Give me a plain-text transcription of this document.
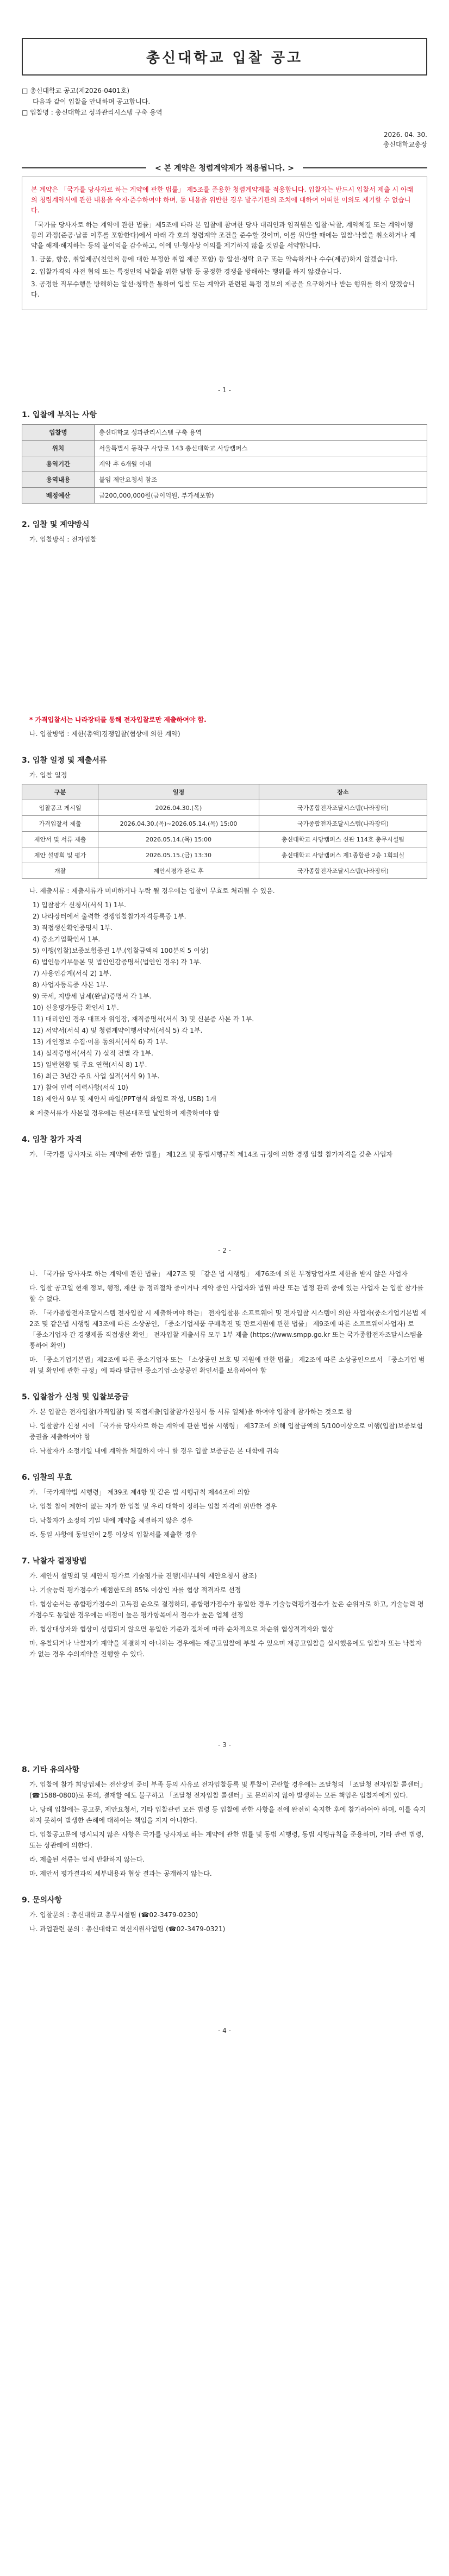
총신대학교 입찰 공고
□ 총신대학교 공고(제2026-0401호)
다음과 같이 입찰을 안내하며 공고합니다.
□ 입찰명 : 총신대학교 성과관리시스템 구축 용역
2026. 04. 30.
총신대학교총장
< 본 계약은 청렴계약제가 적용됩니다. >
본 계약은 「국가를 당사자로 하는 계약에 관한 법률」 제5조를 준용한 청렴계약제를 적용합니다. 입찰자는 반드시 입찰서 제출 시 아래의 청렴계약서에 관한 내용을 숙지·준수하여야 하며, 동 내용을 위반한 경우 발주기관의 조치에 대하여 어떠한 이의도 제기할 수 없습니다.
「국가를 당사자로 하는 계약에 관한 법률」제5조에 따라 본 입찰에 참여한 당사 대리인과 임직원은 입찰·낙찰, 계약체결 또는 계약이행 등의 과정(준공·납품 이후를 포함한다)에서 아래 각 호의 청렴계약 조건을 준수할 것이며, 이를 위반할 때에는 입찰·낙찰을 취소하거나 계약을 해제·해지하는 등의 불이익을 감수하고, 이에 민·형사상 이의를 제기하지 않을 것임을 서약합니다.
1. 금품, 향응, 취업제공(친인척 등에 대한 부정한 취업 제공 포함) 등 알선·청탁 요구 또는 약속하거나 수수(제공)하지 않겠습니다.
2. 입찰가격의 사전 협의 또는 특정인의 낙찰을 위한 담합 등 공정한 경쟁을 방해하는 행위를 하지 않겠습니다.
3. 공정한 직무수행을 방해하는 알선·청탁을 통하여 입찰 또는 계약과 관련된 특정 정보의 제공을 요구하거나 받는 행위를 하지 않겠습니다.
- 1 -
1. 입찰에 부치는 사항
입찰명	총신대학교 성과관리시스템 구축 용역
위치	서울특별시 동작구 사당로 143 총신대학교 사당캠퍼스
용역기간	계약 후 6개월 이내
용역내용	붙임 제안요청서 참조
배정예산	금200,000,000원(금이억원, 부가세포함)
2. 입찰 및 계약방식
가. 입찰방식 : 전자입찰
* 가격입찰서는 나라장터를 통해 전자입찰로만 제출하여야 함.
나. 입찰방법 : 제한(총액)경쟁입찰(협상에 의한 계약)
3. 입찰 일정 및 제출서류
가. 입찰 일정
구분	일정	장소
입찰공고 게시일	2026.04.30.(목)	국가종합전자조달시스템(나라장터)
가격입찰서 제출	2026.04.30.(목)~2026.05.14.(목) 15:00	국가종합전자조달시스템(나라장터)
제안서 및 서류 제출	2026.05.14.(목) 15:00	총신대학교 사당캠퍼스 신관 114호 총무시설팀
제안 설명회 및 평가	2026.05.15.(금) 13:30	총신대학교 사당캠퍼스 제1종합관 2층 1회의실
개찰	제안서평가 완료 후	국가종합전자조달시스템(나라장터)
나. 제출서류 : 제출서류가 미비하거나 누락 될 경우에는 입찰이 무효로 처리될 수 있음.
1) 입찰참가 신청서(서식 1) 1부.
2) 나라장터에서 출력한 경쟁입찰참가자격등록증 1부.
3) 직접생산확인증명서 1부.
4) 중소기업확인서 1부.
5) 이행(입찰)보증보험증권 1부.(입찰금액의 100분의 5 이상)
6) 법인등기부등본 및 법인인감증명서(법인인 경우) 각 1부.
7) 사용인감계(서식 2) 1부.
8) 사업자등록증 사본 1부.
9) 국세, 지방세 납세(완납)증명서 각 1부.
10) 신용평가등급 확인서 1부.
11) 대리인인 경우 대표자 위임장, 재직증명서(서식 3) 및 신분증 사본 각 1부.
12) 서약서(서식 4) 및 청렴계약이행서약서(서식 5) 각 1부.
13) 개인정보 수집·이용 동의서(서식 6) 각 1부.
14) 실적증명서(서식 7) 실적 건별 각 1부.
15) 일반현황 및 주요 연혁(서식 8) 1부.
16) 최근 3년간 주요 사업 실적(서식 9) 1부.
17) 참여 인력 이력사항(서식 10)
18) 제안서 9부 및 제안서 파일(PPT형식 화일로 작성, USB) 1개
※ 제출서류가 사본일 경우에는 원본대조필 날인하여 제출하여야 함
4. 입찰 참가 자격

가. 「국가를 당사자로 하는 계약에 관한 법률」 제12조 및 동법시행규칙 제14조 규정에 의한 경쟁 입찰 참가자격을 갖춘 사업자

- 2 -

나. 「국가를 당사자로 하는 계약에 관한 법률」 제27조 및 「같은 법 시행령」 제76조에 의한 부정당업자로 제한을 받지 않은 사업자

다. 입찰 공고일 현재 정보, 행정, 재산 등 정리절차 중이거나 계약 중인 사업자와 법원 파산 또는 법정 관리 중에 있는 사업자 는 입찰 참가를 할 수 없다.

라. 「국가종합전자조달시스템 전자입찰 시 제출하여야 하는」 전자입찰용 소프트웨어 및 전자입찰 시스템에 의한 사업자(중소기업기본법 제2조 및 같은법 시행령 제3조에 따른 소상공인, 「중소기업제품 구매촉진 및 판로지원에 관한 법률」 제9조에 따른 소프트웨어사업자) 로 「중소기업자 간 경쟁제품 직접생산 확인」 전자입찰 제출서류 모두 1부 제출 (https://www.smpp.go.kr 또는 국가종합전자조달시스템을 통하여 확인)

마. 「중소기업기본법」제2조에 따른 중소기업자 또는 「소상공인 보호 및 지원에 관한 법률」 제2조에 따른 소상공인으로서 「중소기업 범위 및 확인에 관한 규정」에 따라 발급된 중소기업·소상공인 확인서를 보유하여야 함

5. 입찰참가 신청 및 입찰보증금

가. 본 입찰은 전자입찰(가격입찰) 및 직접제출(입찰참가신청서 등 서류 일체)을 하여야 입찰에 참가하는 것으로 함

나. 입찰참가 신청 시에 「국가를 당사자로 하는 계약에 관한 법률 시행령」 제37조에 의해 입찰금액의 5/100이상으로 이행(입찰)보증보험증권을 제출하여야 함

다. 낙찰자가 소정기일 내에 계약을 체결하지 아니 할 경우 입찰 보증금은 본 대학에 귀속

6. 입찰의 무효

가. 「국가계약법 시행령」 제39조 제4항 및 같은 법 시행규칙 제44조에 의함

나. 입찰 참여 제한이 없는 자가 한 입찰 및 우리 대학이 정하는 입찰 자격에 위반한 경우

다. 낙찰자가 소정의 기일 내에 계약을 체결하지 않은 경우

라. 동일 사항에 동일인이 2통 이상의 입찰서를 제출한 경우

7. 낙찰자 결정방법

가. 제안서 설명회 및 제안서 평가로 기술평가를 진행(세부내역 제안요청서 참조)

나. 기술능력 평가점수가 배점한도의 85% 이상인 자를 협상 적격자로 선정

다. 협상순서는 종합평가점수의 고득점 순으로 결정하되, 종합평가점수가 동일한 경우 기술능력평가점수가 높은 순위자로 하고, 기술능력 평가점수도 동일한 경우에는 배점이 높은 평가항목에서 점수가 높은 업체 선정

라. 협상대상자와 협상이 성립되지 않으면 동일한 기준과 절차에 따라 순차적으로 차순위 협상적격자와 협상

마. 유찰되거나 낙찰자가 계약을 체결하지 아니하는 경우에는 재공고입찰에 부칠 수 있으며 재공고입찰을 실시했음에도 입찰자 또는 낙찰자가 없는 경우 수의계약을 진행할 수 있다.

- 3 -
8. 기타 유의사항

가. 입찰에 참가 희망업체는 전산장비 준비 부족 등의 사유로 전자입찰등록 및 투찰이 곤란할 경우에는 조달청의 「조달청 전자입찰 콜센터」(☎1588-0800)로 문의, 결재할 예도 불구하고 「조달청 전자입찰 콜센터」로 문의하지 않아 발생하는 모든 책임은 입찰자에게 있다.

나. 당해 입찰에는 공고문, 제안요청서, 기타 입찰관련 모든 법령 등 입찰에 관한 사항을 전에 완전히 숙지한 후에 참가하여야 하며, 이를 숙지하지 못하여 발생한 손해에 대하여는 책임을 지지 아니한다.

다. 입찰공고문에 명시되지 않은 사항은 국가를 당사자로 하는 계약에 관한 법률 및 동법 시행령, 동법 시행규칙을 준용하며, 기타 관련 법령, 또는 상관례에 의한다.

라. 제출된 서류는 일체 반환하지 않는다.

마. 제안서 평가결과의 세부내용과 협상 결과는 공개하지 않는다.

9. 문의사항

가. 입찰문의 : 총신대학교 총무시설팀 (☎02-3479-0230)

나. 과업관련 문의 : 총신대학교 혁신지원사업팀 (☎02-3479-0321)

- 4 -
